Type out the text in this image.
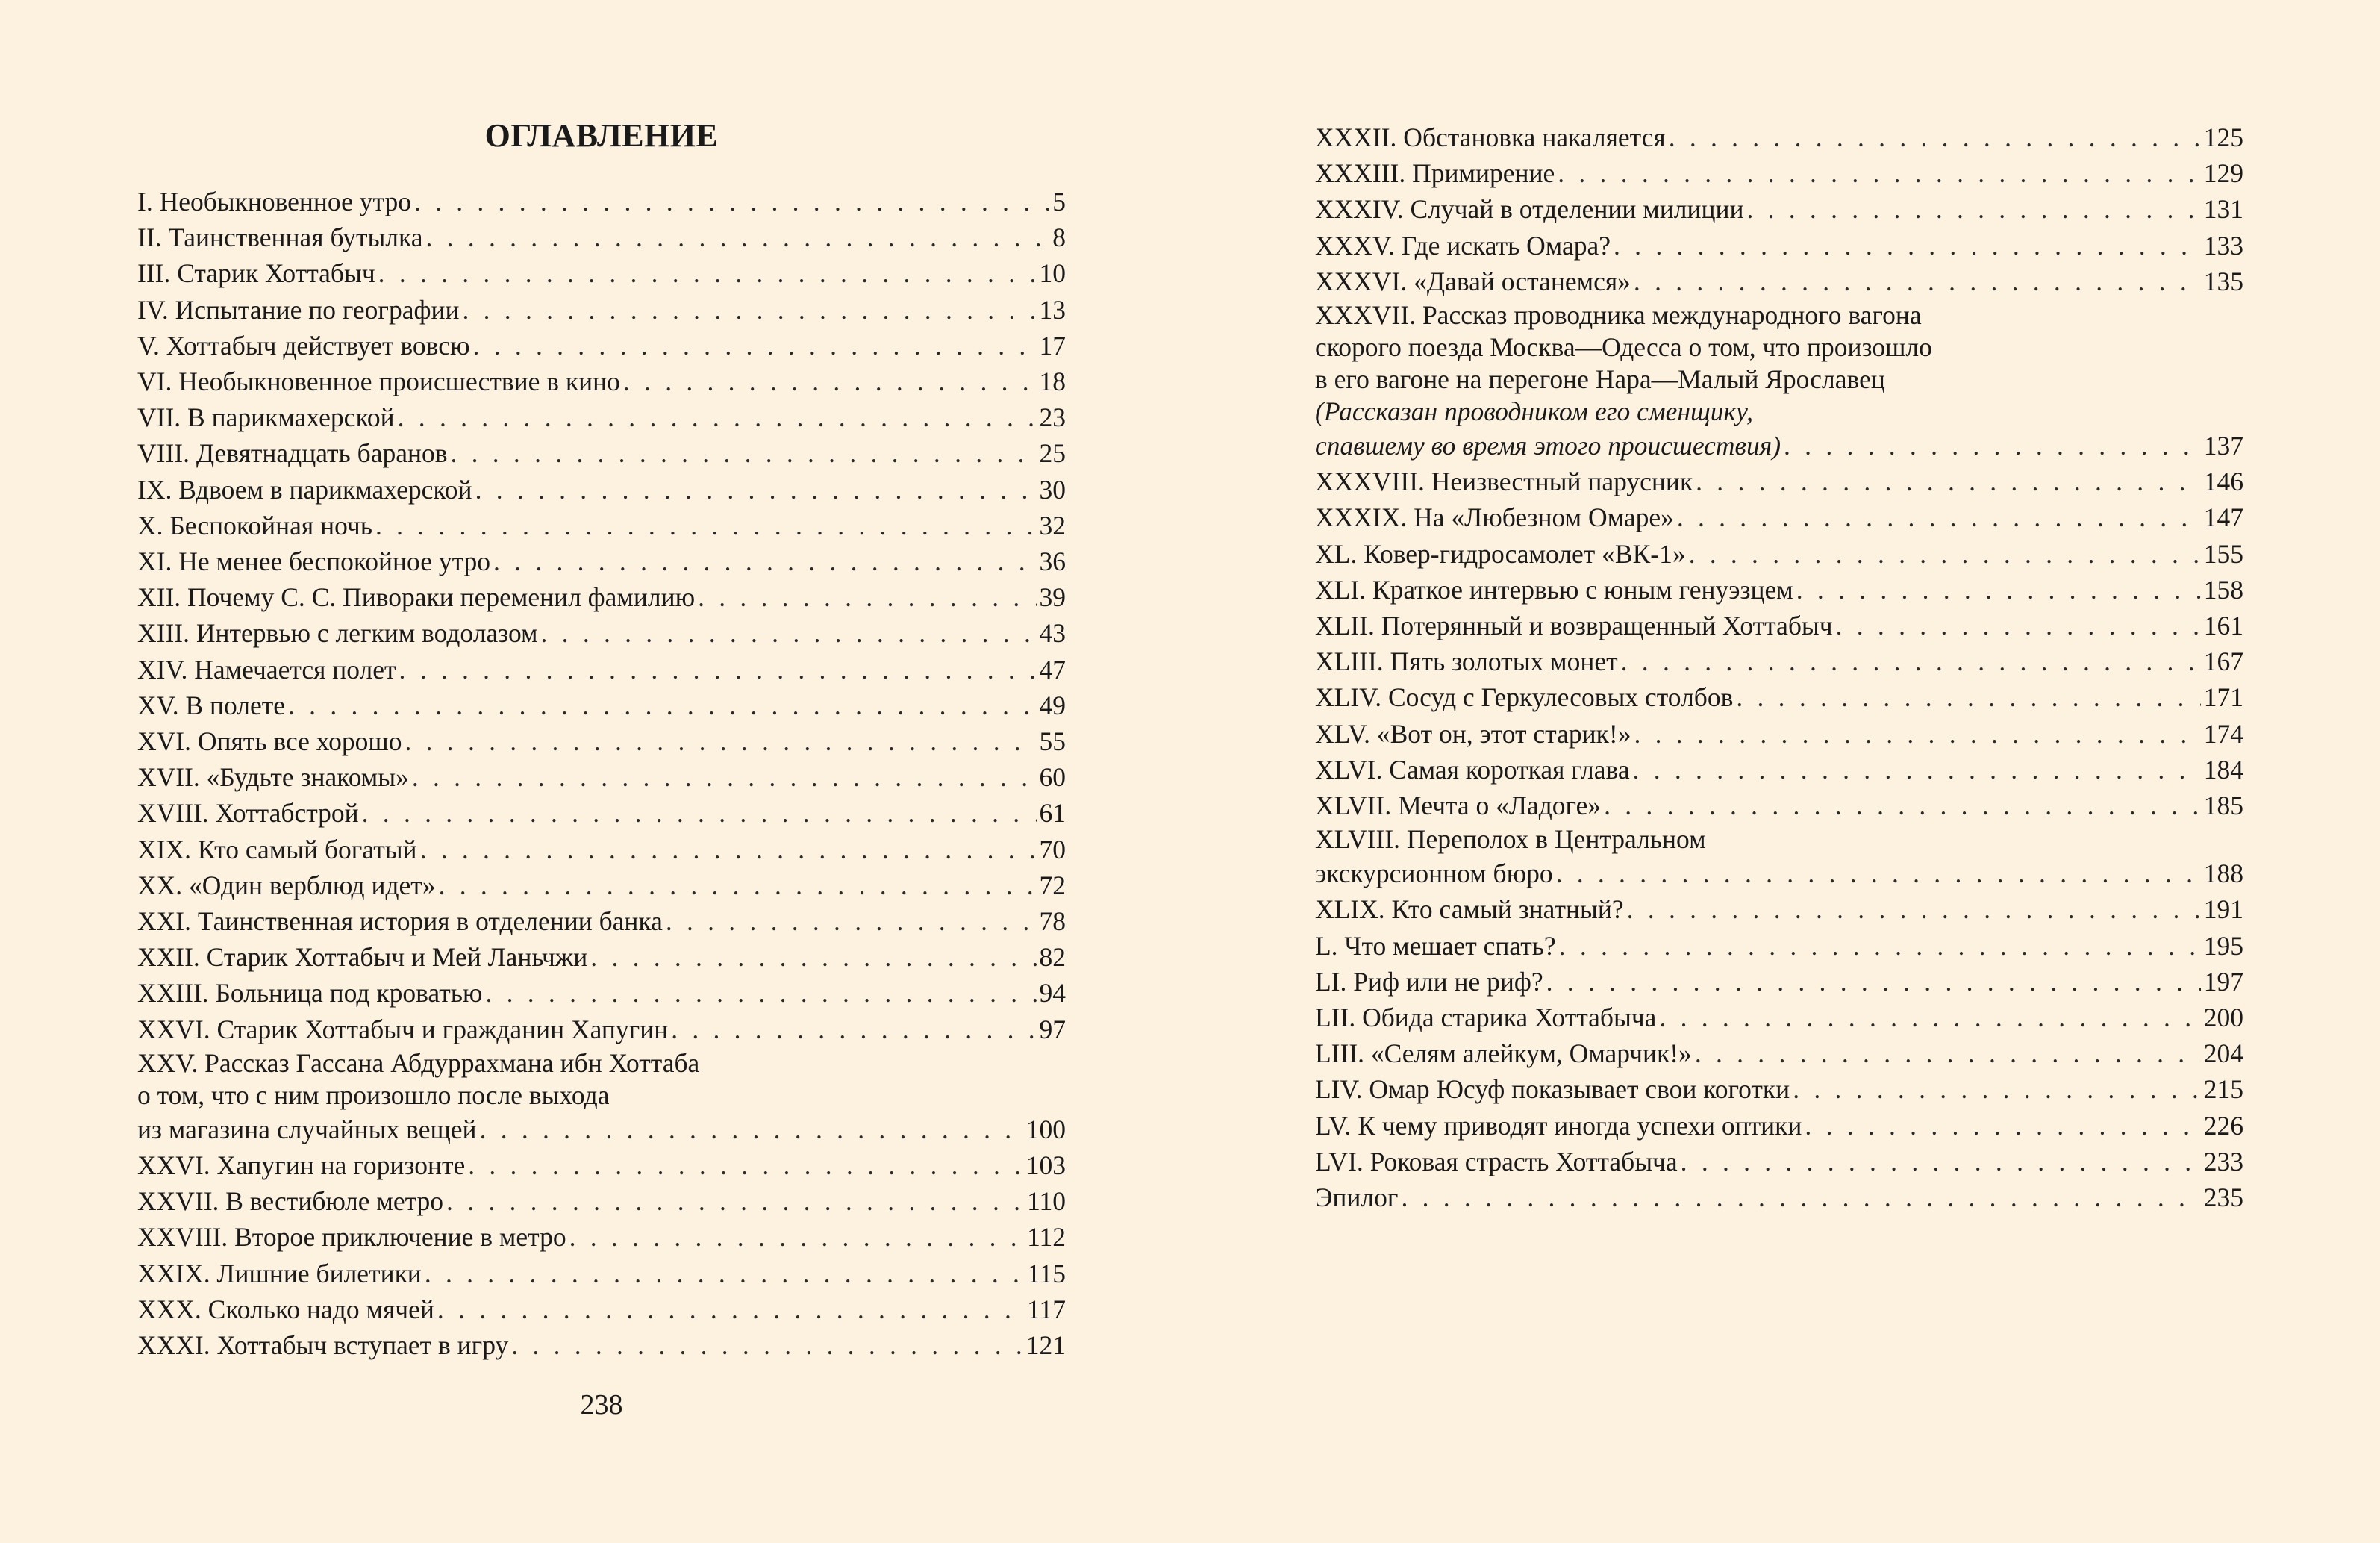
ОГЛАВЛЕНИЕ
I. Необыкновенное утро . . .	5
II. Таинственная бутылка . . .	8
III. Старик Хоттабыч . . .	10
IV. Испытание по географии . . .	13
V. Хоттабыч действует вовсю . . .	17
VI. Необыкновенное происшествие в кино . . .	18
VII. В парикмахерской . . .	23
VIII. Девятнадцать баранов . . .	25
IX. Вдвоем в парикмахерской . . .	30
X. Беспокойная ночь . . .	32
XI. Не менее беспокойное утро . . .	36
XII. Почему С. С. Пивораки переменил фамилию . . .	39
XIII. Интервью с легким водолазом . . .	43
XIV. Намечается полет . . .	47
XV. В полете . . .	49
XVI. Опять все хорошо . . .	55
XVII. «Будьте знакомы» . . .	60
XVIII. Хоттабстрой . . .	61
XIX. Кто самый богатый . . .	70
XX. «Один верблюд идет» . . .	72
XXI. Таинственная история в отделении банка . . .	78
XXII. Старик Хоттабыч и Мей Ланьчжи . . .	82
XXIII. Больница под кроватью . . .	94
XXVI. Старик Хоттабыч и гражданин Хапугин . . .	97
XXV. Рассказ Гассана Абдуррахмана ибн Хоттаба
о том, что с ним произошло после выхода
из магазина случайных вещей . . .	100
XXVI. Хапугин на горизонте . . .	103
XXVII. В вестибюле метро . . .	110
XXVIII. Второе приключение в метро . . .	112
XXIX. Лишние билетики . . .	115
XXX. Сколько надо мячей . . .	117
XXXI. Хоттабыч вступает в игру . . .	121
238
XXXII. Обстановка накаляется . . .	125
XXXIII. Примирение . . .	129
XXXIV. Случай в отделении милиции . . .	131
XXXV. Где искать Омара? . . .	133
XXXVI. «Давай останемся» . . .	135
XXXVII. Рассказ проводника международного вагона
скорого поезда Москва—Одесса о том, что произошло
в его вагоне на перегоне Нара—Малый Ярославец
(Рассказан проводником его сменщику,
спавшему во время этого происшествия) . . .	137
XXXVIII. Неизвестный парусник . . .	146
XXXIX. На «Любезном Омаре» . . .	147
XL. Ковер-гидросамолет «ВК-1» . . .	155
XLI. Краткое интервью с юным генуэзцем . . .	158
XLII. Потерянный и возвращенный Хоттабыч . . .	161
XLIII. Пять золотых монет . . .	167
XLIV. Сосуд с Геркулесовых столбов . . .	171
XLV. «Вот он, этот старик!» . . .	174
XLVI. Самая короткая глава . . .	184
XLVII. Мечта о «Ладоге» . . .	185
XLVIII. Переполох в Центральном
экскурсионном бюро . . .	188
XLIX. Кто самый знатный? . . .	191
L. Что мешает спать? . . .	195
LI. Риф или не риф? . . .	197
LII. Обида старика Хоттабыча . . .	200
LIII. «Селям алейкум, Омарчик!» . . .	204
LIV. Омар Юсуф показывает свои коготки . . .	215
LV. К чему приводят иногда успехи оптики . . .	226
LVI. Роковая страсть Хоттабыча . . .	233
Эпилог . . .	235
